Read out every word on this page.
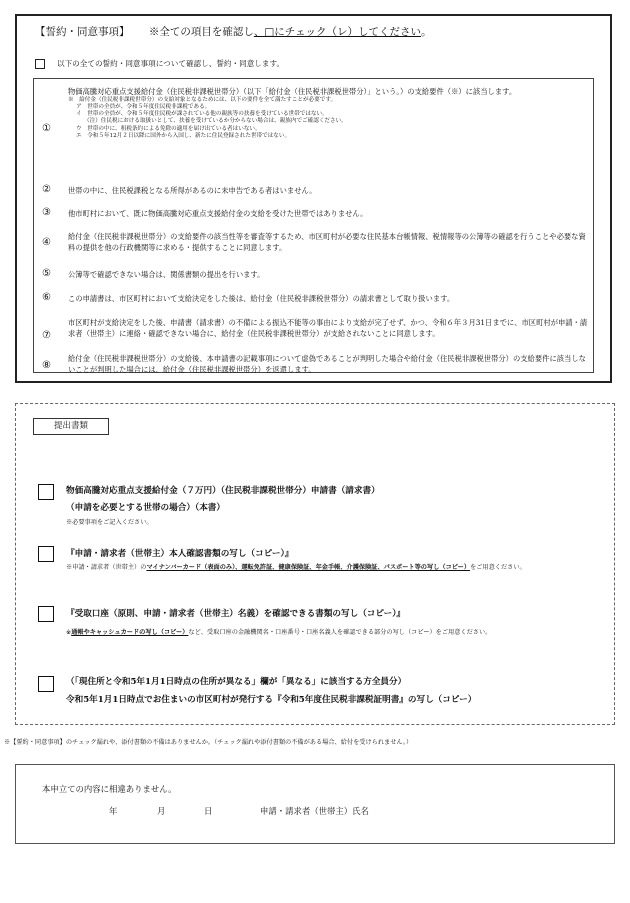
【誓約・同意事項】 ※全ての項目を確認し、□にチェック（レ）してください。
以下の全ての誓約・同意事項について確認し、誓約・同意します。
①
物価高騰対応重点支援給付金（住民税非課税世帯分）（以下「給付金（住民税非課税世帯分）」という。）の支給要件（※）に該当します。
※　給付金（住民税非課税世帯分）の支給対象となるためには、以下の要件を全て満たすことが必要です。
ア　世帯の全員が、令和５年度住民税非課税である。
イ　世帯の全員が、令和５年度住民税が課されている他の親族等の扶養を受けている世帯ではない。
（注）住民税における取扱いとして、扶養を受けているか分からない場合は、親族内でご確認ください。
ウ　世帯の中に、租税条約による免除の適用を届け出ている者はいない。
エ　令和５年12月２日以降に国外から入国し、新たに住民登録された世帯ではない。
② 世帯の中に、住民税課税となる所得があるのに未申告である者はいません。
③ 他市町村において、既に物価高騰対応重点支援給付金の支給を受けた世帯ではありません。
④
給付金（住民税非課税世帯分）の支給要件の該当性等を審査等するため、市区町村が必要な住民基本台帳情報、税情報等の公簿等の確認を行うことや必要な資料の提供を他の行政機関等に求める・提供することに同意します。
⑤ 公簿等で確認できない場合は、関係書類の提出を行います。
⑥ この申請書は、市区町村において支給決定をした後は、給付金（住民税非課税世帯分）の請求書として取り扱います。
⑦
市区町村が支給決定をした後、申請書（請求書）の不備による振込不能等の事由により支給が完了せず、かつ、令和６年３月31日までに、市区町村が申請・請求者（世帯主）に連絡・確認できない場合に、給付金（住民税非課税世帯分）が支給されないことに同意します。
⑧
給付金（住民税非課税世帯分）の支給後、本申請書の記載事項について虚偽であることが判明した場合や給付金（住民税非課税世帯分）の支給要件に該当しないことが判明した場合には、給付金（住民税非課税世帯分）を返還します。
提出書類
物価高騰対応重点支援給付金（７万円）（住民税非課税世帯分）申請書（請求書）
（申請を必要とする世帯の場合）（本書）
※必要事項をご記入ください。
『申請・請求者（世帯主）本人確認書類の写し（コピー）』
※申請・請求者（世帯主）のマイナンバーカード（表面のみ）、運転免許証、健康保険証、年金手帳、介護保険証、パスポート等の写し（コピー）をご用意ください。
『受取口座（原則、申請・請求者（世帯主）名義）を確認できる書類の写し（コピー）』
※通帳やキャッシュカードの写し（コピー）など、受取口座の金融機関名・口座番号・口座名義人を確認できる部分の写し（コピー）をご用意ください。
（「現住所と令和5年1月1日時点の住所が異なる」欄が「異なる」に該当する方全員分）
令和5年1月1日時点でお住まいの市区町村が発行する『令和5年度住民税非課税証明書』の写し（コピー）
※【誓約・同意事項】のチェック漏れや、添付書類の不備はありませんか。（チェック漏れや添付書類の不備がある場合、給付を受けられません。）
本申立ての内容に相違ありません。
年	月	日	申請・請求者（世帯主）氏名
